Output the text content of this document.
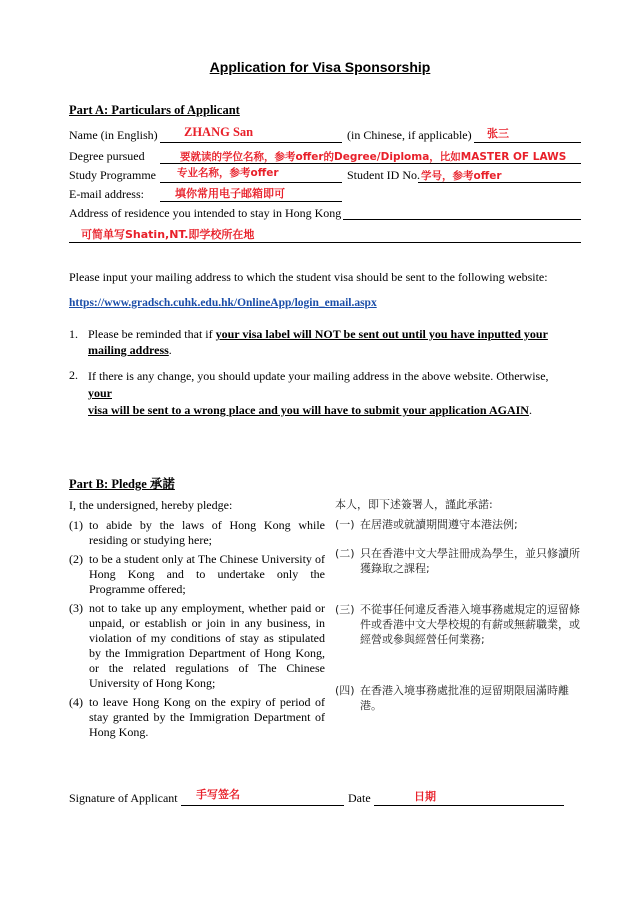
Application for Visa Sponsorship
Part A: Particulars of Applicant
Name (in English) ZHANG San	(in Chinese, if applicable) 张三
Degree pursued	要就读的学位名称，参考offer的Degree/Diploma，比如MASTER OF LAWS
Study Programme 专业名称，参考offer	Student ID No. 学号，参考offer
E-mail address:	填你常用电子邮箱即可
Address of residence you intended to stay in Hong Kong
可简单写Shatin,NT.即学校所在地
Please input your mailing address to which the student visa should be sent to the following website:
https://www.gradsch.cuhk.edu.hk/OnlineApp/login_email.aspx
1. Please be reminded that if your visa label will NOT be sent out until you have inputted your
mailing address.
2. If there is any change, you should update your mailing address in the above website. Otherwise, your
visa will be sent to a wrong place and you will have to submit your application AGAIN.
Part B: Pledge 承諾
I, the undersigned, hereby pledge:
(1) to abide by the laws of Hong Kong while residing or studying here;
(2) to be a student only at The Chinese University of Hong Kong and to undertake only the Programme offered;
(3) not to take up any employment, whether paid or unpaid, or establish or join in any business, in violation of my conditions of stay as stipulated by the Immigration Department of Hong Kong, or the related regulations of The Chinese University of Hong Kong;
(4) to leave Hong Kong on the expiry of period of stay granted by the Immigration Department of Hong Kong.
本人，即下述簽署人，謹此承諾:
(一) 在居港或就讀期間遵守本港法例;
(二) 只在香港中文大學註冊成為學生，並只修讀所獲錄取之課程;
(三) 不從事任何違反香港入境事務處規定的逗留條件或香港中文大學校規的有薪或無薪職業，或經營或參與經營任何業務;
(四) 在香港入境事務處批准的逗留期限屆滿時離港。
Signature of Applicant 手写签名	Date	日期
